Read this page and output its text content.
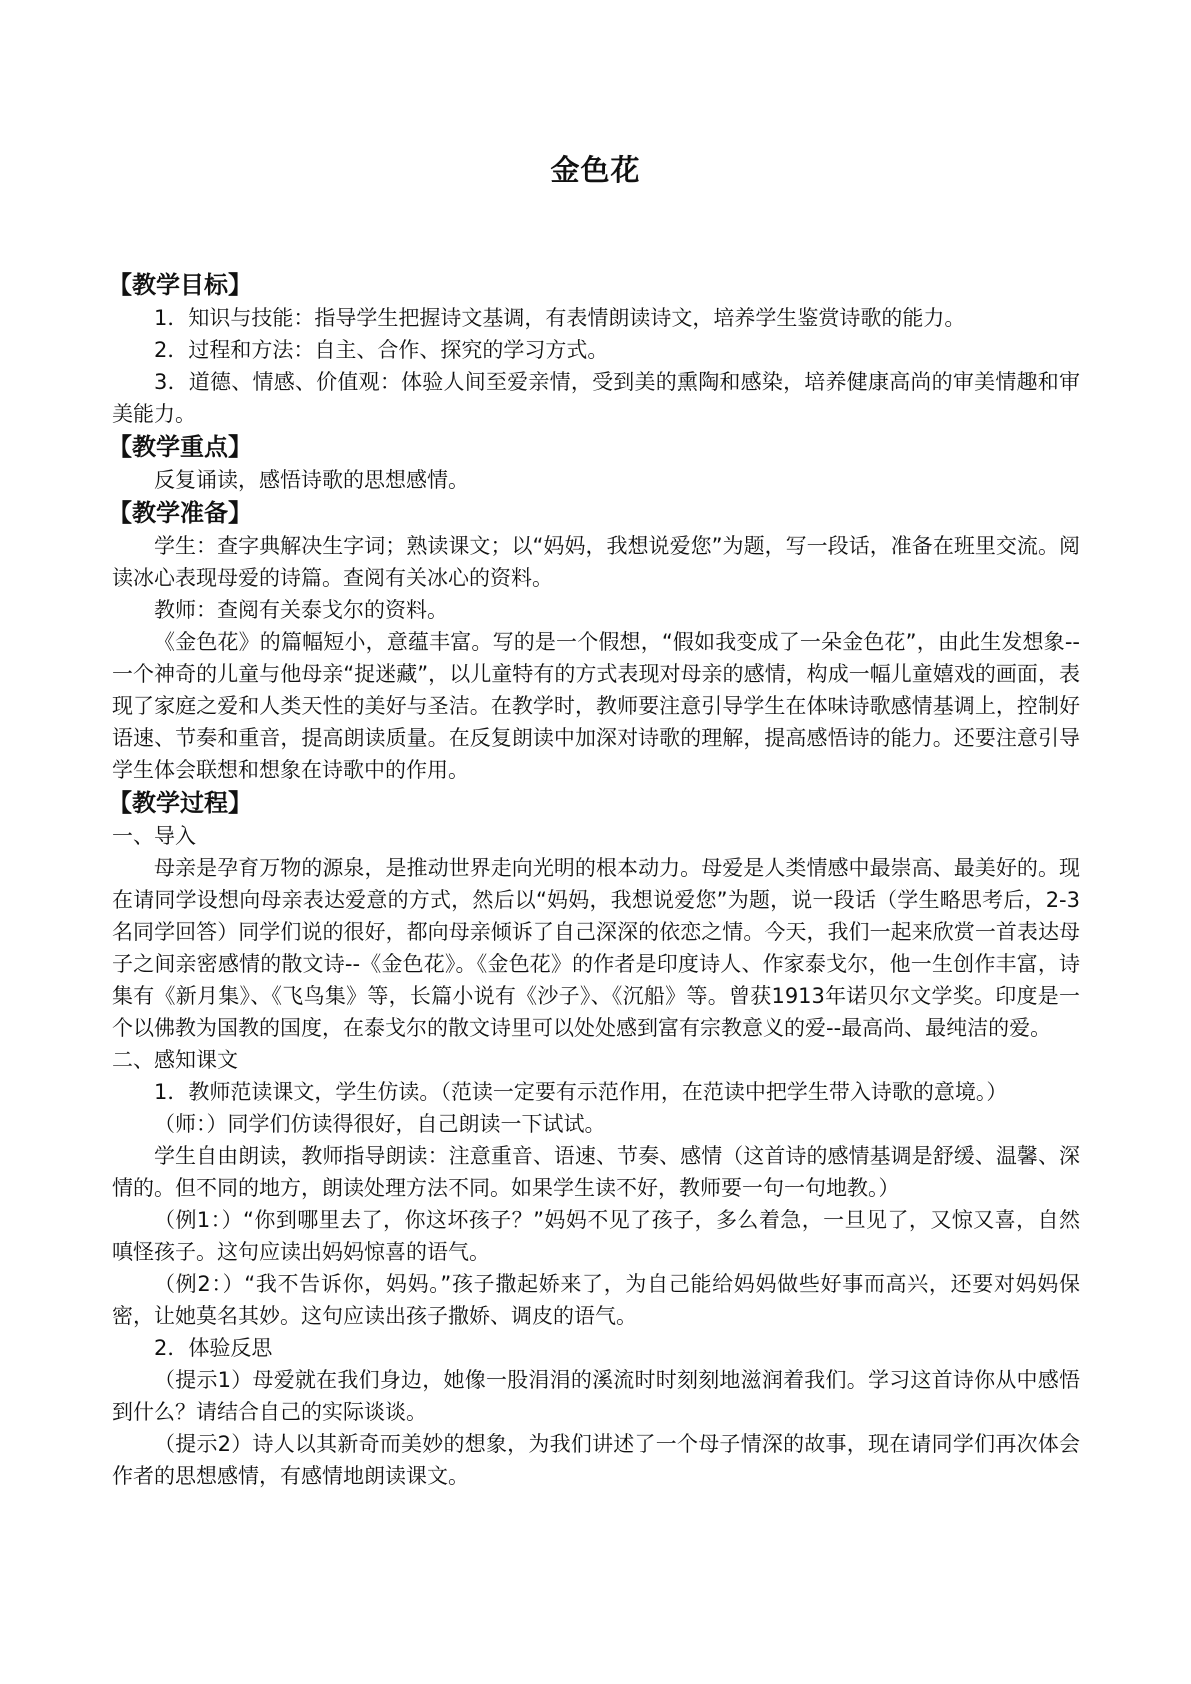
金色花
【教学目标】

1．知识与技能：指导学生把握诗文基调，有表情朗读诗文，培养学生鉴赏诗歌的能力。

2．过程和方法：自主、合作、探究的学习方式。

3．道德、情感、价值观：体验人间至爱亲情，受到美的熏陶和感染，培养健康高尚的审美情趣和审美能力。

【教学重点】

反复诵读，感悟诗歌的思想感情。

【教学准备】

学生：查字典解决生字词；熟读课文；以“妈妈，我想说爱您”为题，写一段话，准备在班里交流。阅读冰心表现母爱的诗篇。查阅有关冰心的资料。

教师：查阅有关泰戈尔的资料。

《金色花》的篇幅短小，意蕴丰富。写的是一个假想，“假如我变成了一朵金色花”，由此生发想象--一个神奇的儿童与他母亲“捉迷藏”，以儿童特有的方式表现对母亲的感情，构成一幅儿童嬉戏的画面，表现了家庭之爱和人类天性的美好与圣洁。在教学时，教师要注意引导学生在体味诗歌感情基调上，控制好语速、节奏和重音，提高朗读质量。在反复朗读中加深对诗歌的理解，提高感悟诗的能力。还要注意引导学生体会联想和想象在诗歌中的作用。

【教学过程】
一、导入

母亲是孕育万物的源泉，是推动世界走向光明的根本动力。母爱是人类情感中最崇高、最美好的。现在请同学设想向母亲表达爱意的方式，然后以“妈妈，我想说爱您”为题，说一段话（学生略思考后，2-3名同学回答）同学们说的很好，都向母亲倾诉了自己深深的依恋之情。今天，我们一起来欣赏一首表达母子之间亲密感情的散文诗--《金色花》。《金色花》的作者是印度诗人、作家泰戈尔，他一生创作丰富，诗集有《新月集》、《飞鸟集》等，长篇小说有《沙子》、《沉船》等。曾获1913年诺贝尔文学奖。印度是一个以佛教为国教的国度，在泰戈尔的散文诗里可以处处感到富有宗教意义的爱--最高尚、最纯洁的爱。

二、感知课文

1．教师范读课文，学生仿读。（范读一定要有示范作用，在范读中把学生带入诗歌的意境。）

（师：）同学们仿读得很好，自己朗读一下试试。

学生自由朗读，教师指导朗读：注意重音、语速、节奏、感情（这首诗的感情基调是舒缓、温馨、深情的。但不同的地方，朗读处理方法不同。如果学生读不好，教师要一句一句地教。）

（例1：）“你到哪里去了，你这坏孩子？”妈妈不见了孩子，多么着急，一旦见了，又惊又喜，自然嗔怪孩子。这句应读出妈妈惊喜的语气。

（例2：）“我不告诉你，妈妈。”孩子撒起娇来了，为自己能给妈妈做些好事而高兴，还要对妈妈保密，让她莫名其妙。这句应读出孩子撒娇、调皮的语气。

2．体验反思

（提示1）母爱就在我们身边，她像一股涓涓的溪流时时刻刻地滋润着我们。学习这首诗你从中感悟到什么？请结合自己的实际谈谈。

（提示2）诗人以其新奇而美妙的想象，为我们讲述了一个母子情深的故事，现在请同学们再次体会作者的思想感情，有感情地朗读课文。
